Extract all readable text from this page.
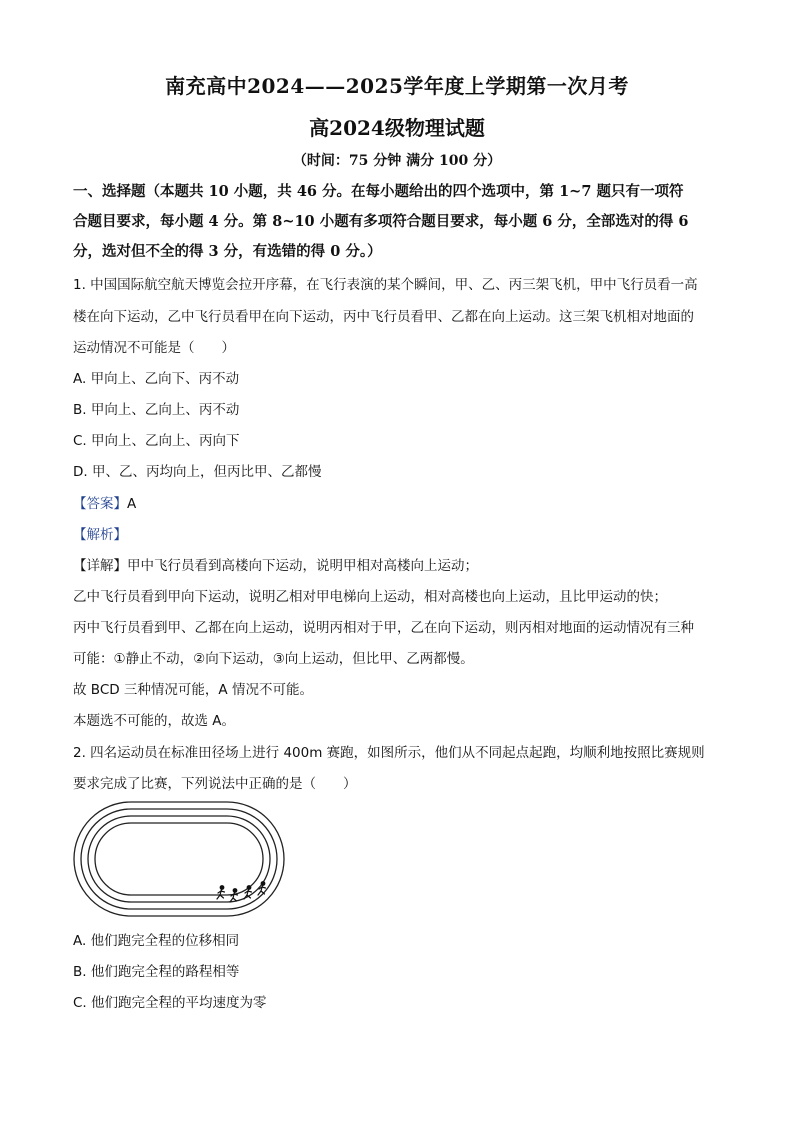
南充高中2024——2025学年度上学期第一次月考
高2024级物理试题
（时间：75 分钟 满分 100 分）
一、选择题（本题共 10 小题，共 46 分。在每小题给出的四个选项中，第 1~7 题只有一项符
合题目要求，每小题 4 分。第 8~10 小题有多项符合题目要求，每小题 6 分，全部选对的得 6
分，选对但不全的得 3 分，有选错的得 0 分。）
1. 中国国际航空航天博览会拉开序幕，在飞行表演的某个瞬间，甲、乙、丙三架飞机，甲中飞行员看一高
楼在向下运动，乙中飞行员看甲在向下运动，丙中飞行员看甲、乙都在向上运动。这三架飞机相对地面的
运动情况不可能是（　　）
A. 甲向上、乙向下、丙不动
B. 甲向上、乙向上、丙不动
C. 甲向上、乙向上、丙向下
D. 甲、乙、丙均向上，但丙比甲、乙都慢
【答案】A
【解析】
【详解】甲中飞行员看到高楼向下运动，说明甲相对高楼向上运动；
乙中飞行员看到甲向下运动，说明乙相对甲电梯向上运动，相对高楼也向上运动，且比甲运动的快；
丙中飞行员看到甲、乙都在向上运动，说明丙相对于甲，乙在向下运动，则丙相对地面的运动情况有三种
可能：①静止不动，②向下运动，③向上运动，但比甲、乙两都慢。
故 BCD 三种情况可能，A 情况不可能。
本题选不可能的，故选 A。
2. 四名运动员在标准田径场上进行 400m 赛跑，如图所示，他们从不同起点起跑，均顺利地按照比赛规则
要求完成了比赛，下列说法中正确的是（　　）
A. 他们跑完全程的位移相同
B. 他们跑完全程的路程相等
C. 他们跑完全程的平均速度为零
